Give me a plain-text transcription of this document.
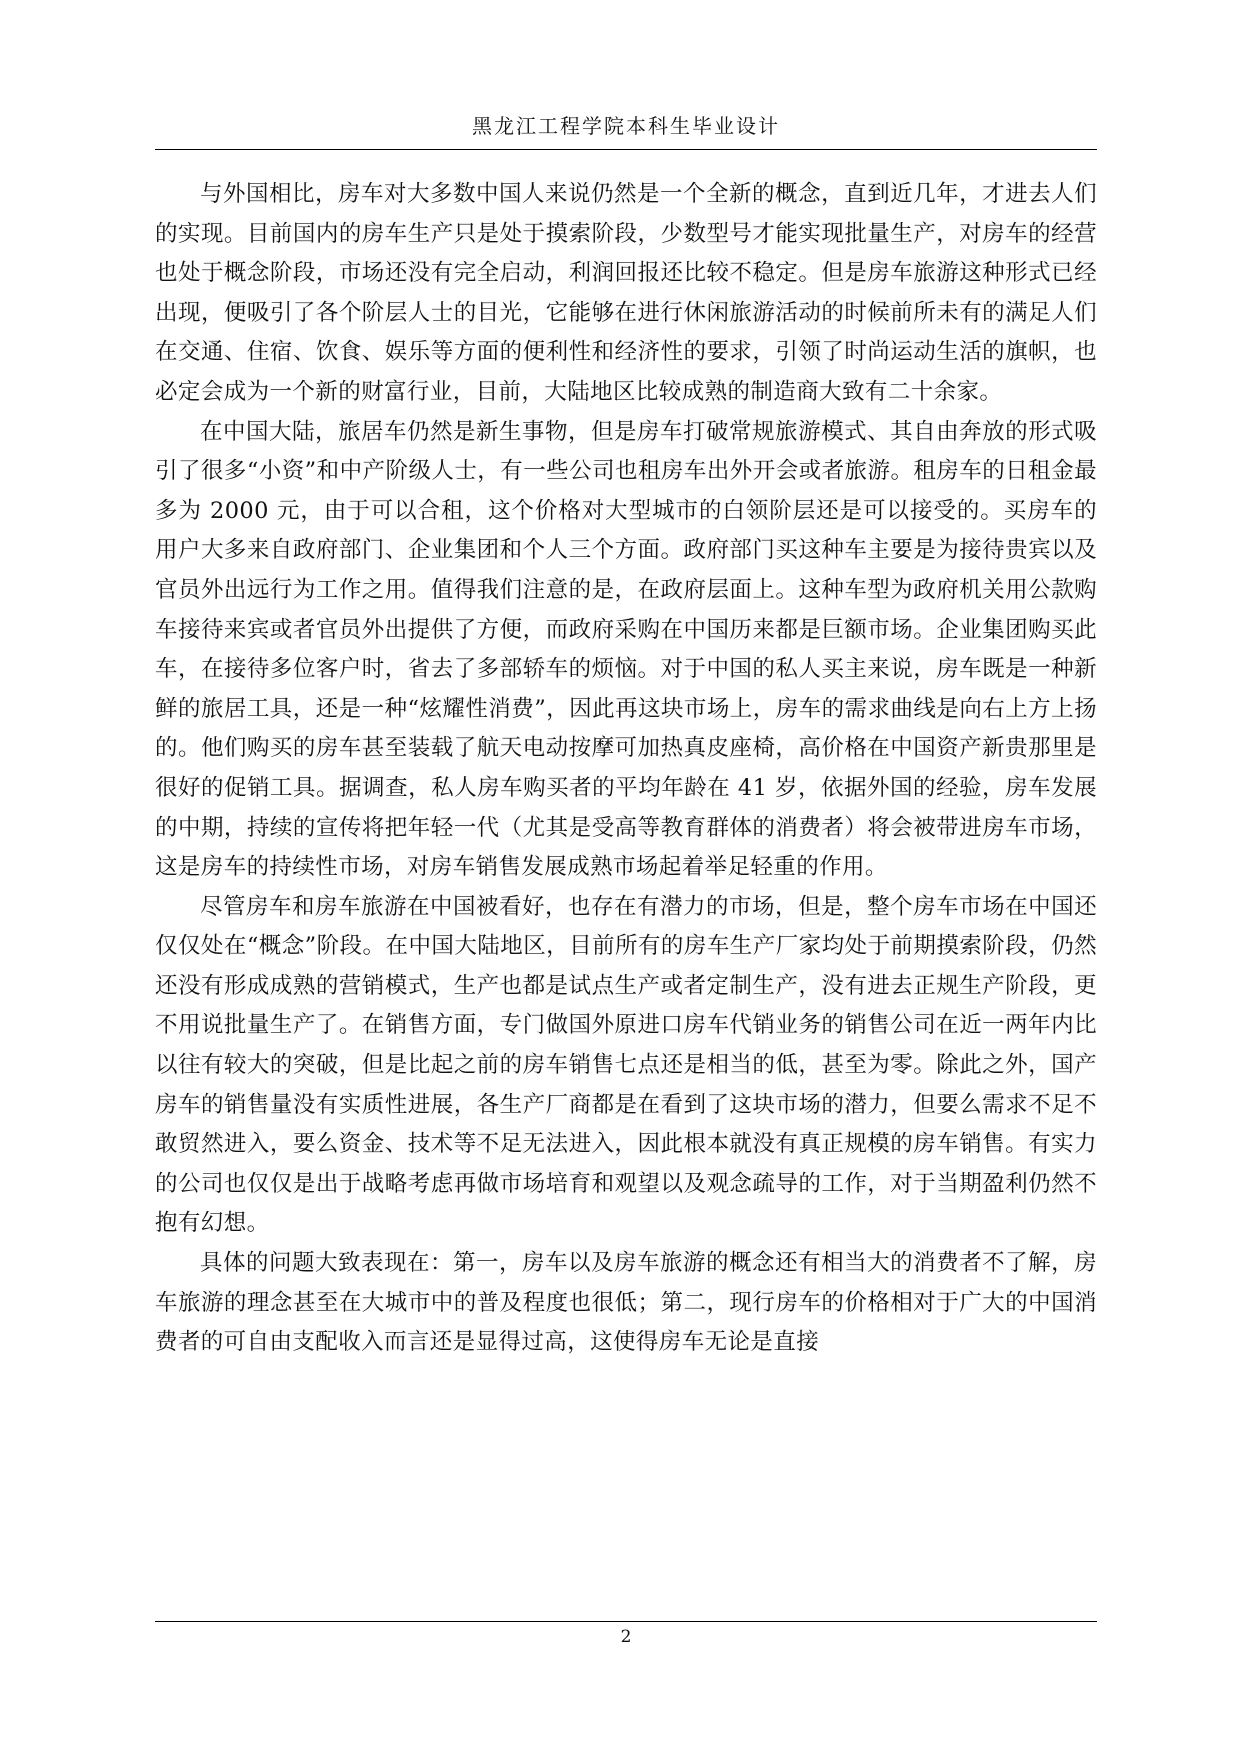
黑龙江工程学院本科生毕业设计

与外国相比，房车对大多数中国人来说仍然是一个全新的概念，直到近几年，才进去人们的实现。目前国内的房车生产只是处于摸索阶段，少数型号才能实现批量生产，对房车的经营也处于概念阶段，市场还没有完全启动，利润回报还比较不稳定。但是房车旅游这种形式已经出现，便吸引了各个阶层人士的目光，它能够在进行休闲旅游活动的时候前所未有的满足人们在交通、住宿、饮食、娱乐等方面的便利性和经济性的要求，引领了时尚运动生活的旗帜，也必定会成为一个新的财富行业，目前，大陆地区比较成熟的制造商大致有二十余家。

在中国大陆，旅居车仍然是新生事物，但是房车打破常规旅游模式、其自由奔放的形式吸引了很多“小资”和中产阶级人士，有一些公司也租房车出外开会或者旅游。租房车的日租金最多为 2000 元，由于可以合租，这个价格对大型城市的白领阶层还是可以接受的。买房车的用户大多来自政府部门、企业集团和个人三个方面。政府部门买这种车主要是为接待贵宾以及官员外出远行为工作之用。值得我们注意的是，在政府层面上。这种车型为政府机关用公款购车接待来宾或者官员外出提供了方便，而政府采购在中国历来都是巨额市场。企业集团购买此车，在接待多位客户时，省去了多部轿车的烦恼。对于中国的私人买主来说，房车既是一种新鲜的旅居工具，还是一种“炫耀性消费”，因此再这块市场上，房车的需求曲线是向右上方上扬的。他们购买的房车甚至装载了航天电动按摩可加热真皮座椅，高价格在中国资产新贵那里是很好的促销工具。据调查，私人房车购买者的平均年龄在 41 岁，依据外国的经验，房车发展的中期，持续的宣传将把年轻一代（尤其是受高等教育群体的消费者）将会被带进房车市场，这是房车的持续性市场，对房车销售发展成熟市场起着举足轻重的作用。

尽管房车和房车旅游在中国被看好，也存在有潜力的市场，但是，整个房车市场在中国还仅仅处在“概念”阶段。在中国大陆地区，目前所有的房车生产厂家均处于前期摸索阶段，仍然还没有形成成熟的营销模式，生产也都是试点生产或者定制生产，没有进去正规生产阶段，更不用说批量生产了。在销售方面，专门做国外原进口房车代销业务的销售公司在近一两年内比以往有较大的突破，但是比起之前的房车销售七点还是相当的低，甚至为零。除此之外，国产房车的销售量没有实质性进展，各生产厂商都是在看到了这块市场的潜力，但要么需求不足不敢贸然进入，要么资金、技术等不足无法进入，因此根本就没有真正规模的房车销售。有实力的公司也仅仅是出于战略考虑再做市场培育和观望以及观念疏导的工作，对于当期盈利仍然不抱有幻想。

具体的问题大致表现在：第一，房车以及房车旅游的概念还有相当大的消费者不了解，房车旅游的理念甚至在大城市中的普及程度也很低；第二，现行房车的价格相对于广大的中国消费者的可自由支配收入而言还是显得过高，这使得房车无论是直接

2
